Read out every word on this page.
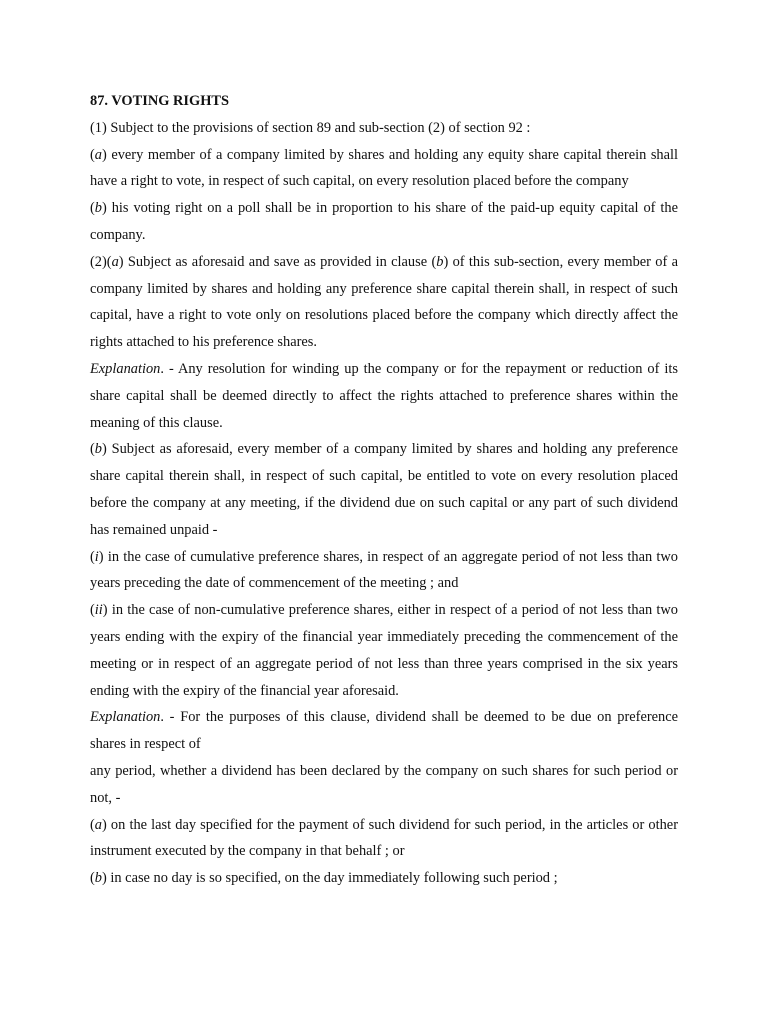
87. VOTING RIGHTS

(1) Subject to the provisions of section 89 and sub-section (2) of section 92 :

(a) every member of a company limited by shares and holding any equity share capital therein shall have a right to vote, in respect of such capital, on every resolution placed before the company

(b) his voting right on a poll shall be in proportion to his share of the paid-up equity capital of the company.

(2)(a) Subject as aforesaid and save as provided in clause (b) of this sub-section, every member of a company limited by shares and holding any preference share capital therein shall, in respect of such capital, have a right to vote only on resolutions placed before the company which directly affect the rights attached to his preference shares.

Explanation. - Any resolution for winding up the company or for the repayment or reduction of its share capital shall be deemed directly to affect the rights attached to preference shares within the meaning of this clause.

(b) Subject as aforesaid, every member of a company limited by shares and holding any preference share capital therein shall, in respect of such capital, be entitled to vote on every resolution placed before the company at any meeting, if the dividend due on such capital or any part of such dividend has remained unpaid -

(i) in the case of cumulative preference shares, in respect of an aggregate period of not less than two years preceding the date of commencement of the meeting ; and

(ii) in the case of non-cumulative preference shares, either in respect of a period of not less than two years ending with the expiry of the financial year immediately preceding the commencement of the meeting or in respect of an aggregate period of not less than three years comprised in the six years ending with the expiry of the financial year aforesaid.

Explanation. - For the purposes of this clause, dividend shall be deemed to be due on preference shares in respect of

any period, whether a dividend has been declared by the company on such shares for such period or not, -

(a) on the last day specified for the payment of such dividend for such period, in the articles or other instrument executed by the company in that behalf ; or

(b) in case no day is so specified, on the day immediately following such period ;
